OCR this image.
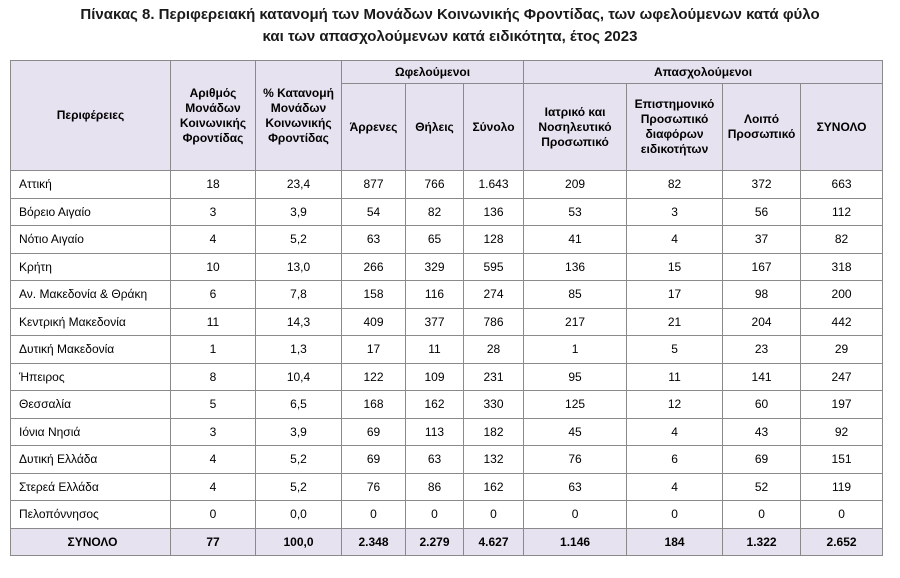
Πίνακας 8. Περιφερειακή κατανομή των Μονάδων Κοινωνικής Φροντίδας, των ωφελούμενων κατά φύλο
και των απασχολούμενων κατά ειδικότητα, έτος 2023
Περιφέρειες	Αριθμός Μονάδων Κοινωνικής Φροντίδας	% Κατανομή Μονάδων Κοινωνικής Φροντίδας	Ωφελούμενοι			Απασχολούμενοι			
			Άρρενες	Θήλεις	Σύνολο	Ιατρικό και Νοσηλευτικό Προσωπικό	Επιστημονικό Προσωπικό διαφόρων ειδικοτήτων	Λοιπό Προσωπικό	ΣΥΝΟΛΟ
Αττική	18	23,4	877	766	1.643	209	82	372	663
Βόρειο Αιγαίο	3	3,9	54	82	136	53	3	56	112
Νότιο Αιγαίο	4	5,2	63	65	128	41	4	37	82
Κρήτη	10	13,0	266	329	595	136	15	167	318
Αν. Μακεδονία & Θράκη	6	7,8	158	116	274	85	17	98	200
Κεντρική Μακεδονία	11	14,3	409	377	786	217	21	204	442
Δυτική Μακεδονία	1	1,3	17	11	28	1	5	23	29
Ήπειρος	8	10,4	122	109	231	95	11	141	247
Θεσσαλία	5	6,5	168	162	330	125	12	60	197
Ιόνια Νησιά	3	3,9	69	113	182	45	4	43	92
Δυτική Ελλάδα	4	5,2	69	63	132	76	6	69	151
Στερεά Ελλάδα	4	5,2	76	86	162	63	4	52	119
Πελοπόννησος	0	0,0	0	0	0	0	0	0	0
ΣΥΝΟΛΟ	77	100,0	2.348	2.279	4.627	1.146	184	1.322	2.652
